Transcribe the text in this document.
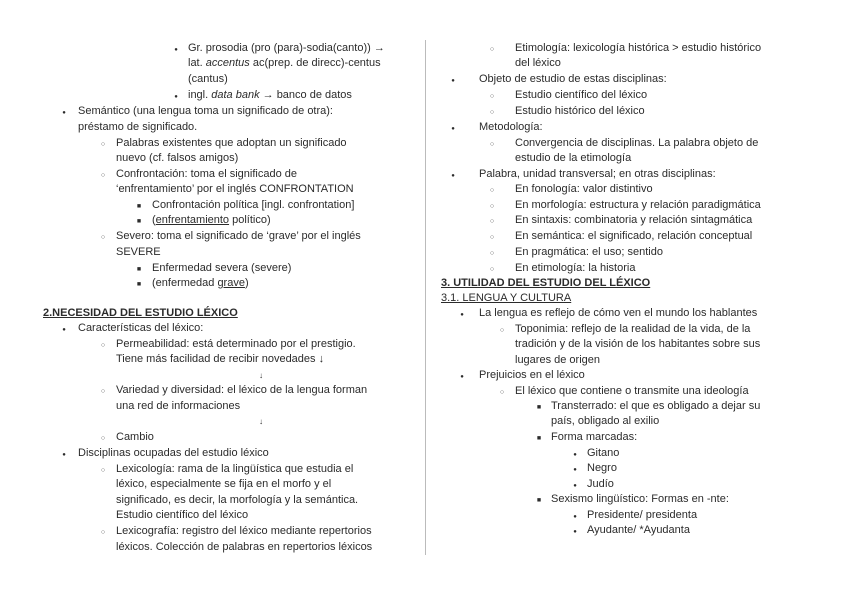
●
Gr. prosodia (pro (para)-sodia(canto)) →
lat. accentus ac(prep. de direcc)-centus
(cantus)
●
ingl. data bank → banco de datos
●
Semántico (una lengua toma un significado de otra):
préstamo de significado.
○
Palabras existentes que adoptan un significado
nuevo (cf. falsos amigos)
○
Confrontación: toma el significado de
‘enfrentamiento’ por el inglés CONFRONTATION
■
Confrontación política [ingl. confrontation]
■
(enfrentamiento político)
○
Severo: toma el significado de ‘grave’ por el inglés
SEVERE
■
Enfermedad severa (severe)
■
(enfermedad grave)
2.NECESIDAD DEL ESTUDIO LÉXICO
●
Características del léxico:
○
Permeabilidad: está determinado por el prestigio.
Tiene más facilidad de recibir novedades ↓
↓
○
Variedad y diversidad: el léxico de la lengua forman
una red de informaciones
↓
○
Cambio
●
Disciplinas ocupadas del estudio léxico
○
Lexicología: rama de la lingüística que estudia el
léxico, especialmente se fija en el morfo y el
significado, es decir, la morfología y la semántica.
Estudio científico del léxico
○
Lexicografía: registro del léxico mediante repertorios
léxicos. Colección de palabras en repertorios léxicos
○
Etimología: lexicología histórica > estudio histórico
del léxico
●
Objeto de estudio de estas disciplinas:
○
Estudio científico del léxico
○
Estudio histórico del léxico
●
Metodología:
○
Convergencia de disciplinas. La palabra objeto de
estudio de la etimología
●
Palabra, unidad transversal; en otras disciplinas:
○
En fonología: valor distintivo
○
En morfología: estructura y relación paradigmática
○
En sintaxis: combinatoria y relación sintagmática
○
En semántica: el significado, relación conceptual
○
En pragmática: el uso; sentido
○
En etimología: la historia
3. UTILIDAD DEL ESTUDIO DEL LÉXICO
3.1. LENGUA Y CULTURA
●
La lengua es reflejo de cómo ven el mundo los hablantes
○
Toponimia: reflejo de la realidad de la vida, de la
tradición y de la visión de los habitantes sobre sus
lugares de origen
●
Prejuicios en el léxico
○
El léxico que contiene o transmite una ideología
■
Transterrado: el que es obligado a dejar su
país, obligado al exilio
■
Forma marcadas:
●
Gitano
●
Negro
●
Judío
■
Sexismo lingüístico: Formas en -nte:
●
Presidente/ presidenta
●
Ayudante/ *Ayudanta
